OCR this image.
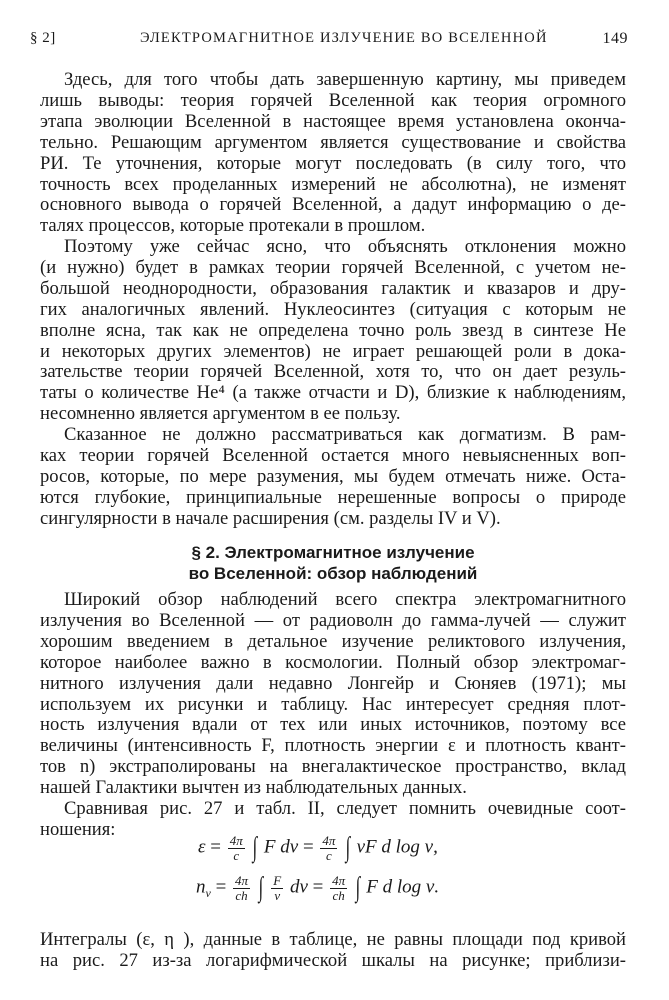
§ 2]	ЭЛЕКТРОМАГНИТНОЕ ИЗЛУЧЕНИЕ ВО ВСЕЛЕННОЙ	149
Здесь, для того чтобы дать завершенную картину, мы приведем
лишь выводы: теория горячей Вселенной как теория огромного
этапа эволюции Вселенной в настоящее время установлена оконча-
тельно. Решающим аргументом является существование и свойства
РИ. Те уточнения, которые могут последовать (в силу того, что
точность всех проделанных измерений не абсолютна), не изменят
основного вывода о горячей Вселенной, а дадут информацию о де-
талях процессов, которые протекали в прошлом.
Поэтому уже сейчас ясно, что объяснять отклонения можно
(и нужно) будет в рамках теории горячей Вселенной, с учетом не-
большой неоднородности, образования галактик и квазаров и дру-
гих аналогичных явлений. Нуклеосинтез (ситуация с которым не
вполне ясна, так как не определена точно роль звезд в синтезе He
и некоторых других элементов) не играет решающей роли в дока-
зательстве теории горячей Вселенной, хотя то, что он дает резуль-
таты о количестве He⁴ (а также отчасти и D), близкие к наблюдениям,
несомненно является аргументом в ее пользу.
Сказанное не должно рассматриваться как догматизм. В рам-
ках теории горячей Вселенной остается много невыясненных воп-
росов, которые, по мере разумения, мы будем отмечать ниже. Оста-
ются глубокие, принципиальные нерешенные вопросы о природе
сингулярности в начале расширения (см. разделы IV и V).
§ 2. Электромагнитное излучение
во Вселенной: обзор наблюдений
Широкий обзор наблюдений всего спектра электромагнитного
излучения во Вселенной — от радиоволн до гамма-лучей — служит
хорошим введением в детальное изучение реликтового излучения,
которое наиболее важно в космологии. Полный обзор электромаг-
нитного излучения дали недавно Лонгейр и Сюняев (1971); мы
используем их рисунки и таблицу. Нас интересует средняя плот-
ность излучения вдали от тех или иных источников, поэтому все
величины (интенсивность F, плотность энергии ε и плотность квант-
тов n) экстраполированы на внегалактическое пространство, вклад
нашей Галактики вычтен из наблюдательных данных.
Сравнивая рис. 27 и табл. II, следует помнить очевидные соот-
ношения:
$\varepsilon = \frac{4\pi}{c}$ ∫ F $d\nu = \frac{4\pi}{c}$ ∫ νF d log ν,
$n_\nu = \frac{4\pi}{ch}$ ∫ $\frac{F}{\nu}$ $d\nu = \frac{4\pi}{ch}$ ∫ F d log ν.
Интегралы (ε, η ), данные в таблице, не равны площади под кривой
на рис. 27 из-за логарифмической шкалы на рисунке; приблизи-
